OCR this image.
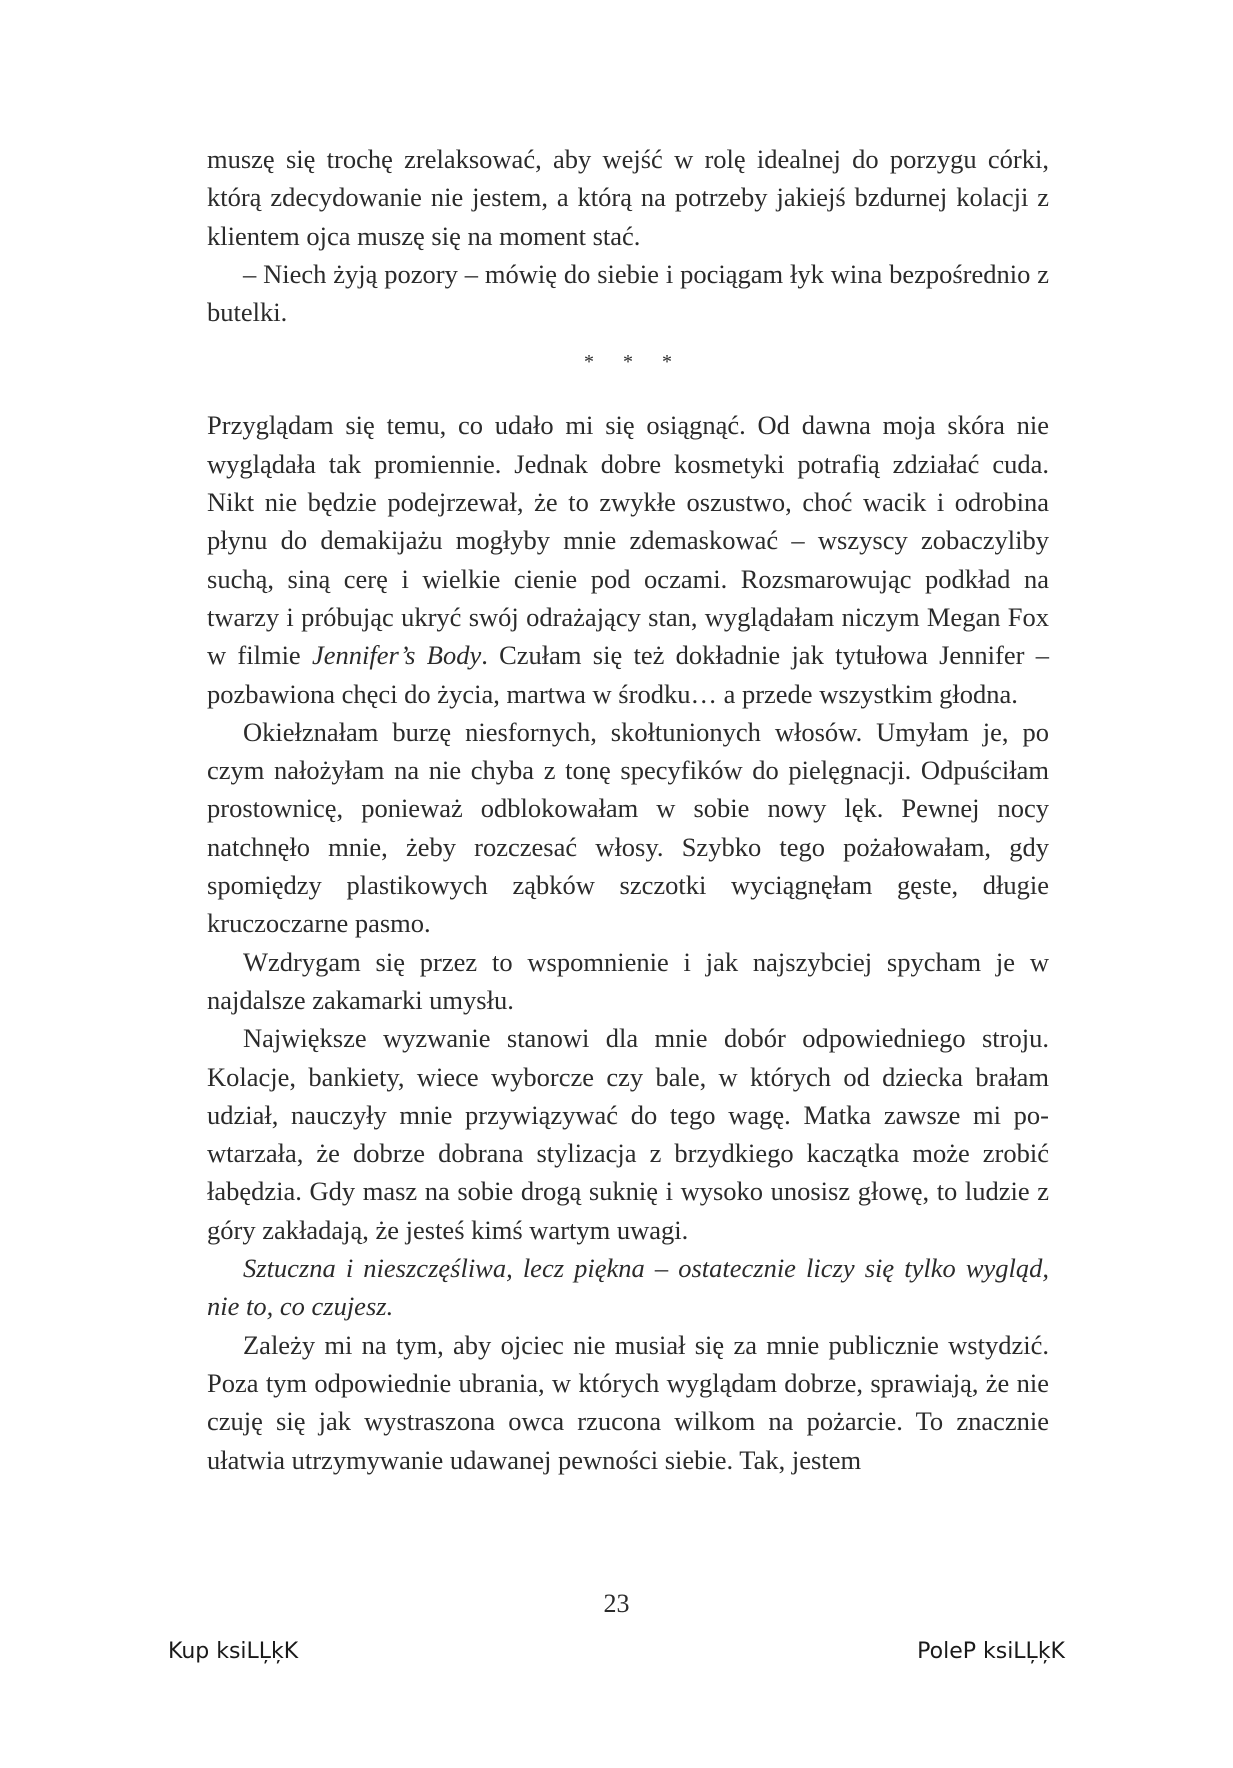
muszę się trochę zrelaksować, aby wejść w rolę idealnej do porzygu córki, którą zdecydowanie nie jestem, a którą na potrzeby jakiejś bzdurnej kolacji z klientem ojca muszę się na moment stać.

– Niech żyją pozory – mówię do siebie i pociągam łyk wina bezpośrednio z butelki.

* * *

Przyglądam się temu, co udało mi się osiągnąć. Od dawna moja skóra nie wyglądała tak promiennie. Jednak dobre kosmetyki potrafią zdziałać cuda. Nikt nie będzie podejrzewał, że to zwykłe oszustwo, choć wacik i odrobina płynu do demakijażu mogłyby mnie zdemaskować – wszyscy zobaczyliby suchą, siną cerę i wielkie cienie pod oczami. Rozsmarowując podkład na twarzy i próbując ukryć swój odrażający stan, wyglądałam niczym Megan Fox w filmie Jennifer’s Body. Czułam się też dokładnie jak tytułowa Jennifer – pozbawiona chęci do życia, martwa w środku… a przede wszystkim głodna.

Okiełznałam burzę niesfornych, skołtunionych włosów. Umyłam je, po czym nałożyłam na nie chyba z tonę specyfików do pielęgnacji. Odpuściłam prostownicę, ponieważ odblokowałam w sobie nowy lęk. Pewnej nocy natchnęło mnie, żeby rozczesać włosy. Szybko tego pożałowałam, gdy spomiędzy plastikowych ząbków szczotki wyciągnęłam gęste, długie kruczoczarne pasmo.

Wzdrygam się przez to wspomnienie i jak najszybciej spycham je w najdalsze zakamarki umysłu.

Największe wyzwanie stanowi dla mnie dobór odpowiedniego stroju. Kolacje, bankiety, wiece wyborcze czy bale, w których od dziecka brałam udział, nauczyły mnie przywiązywać do tego wagę. Matka zawsze mi powtarzała, że dobrze dobrana stylizacja z brzydkiego kaczątka może zrobić łabędzia. Gdy masz na sobie drogą suknię i wysoko unosisz głowę, to ludzie z góry zakładają, że jesteś kimś wartym uwagi.

Sztuczna i nieszczęśliwa, lecz piękna – ostatecznie liczy się tylko wygląd, nie to, co czujesz.

Zależy mi na tym, aby ojciec nie musiał się za mnie publicznie wstydzić. Poza tym odpowiednie ubrania, w których wyglądam dobrze, sprawiają, że nie czuję się jak wystraszona owca rzucona wilkom na pożarcie. To znacznie ułatwia utrzymywanie udawanej pewności siebie. Tak, jestem

23
Kup ksiLĻķK	PoleP ksiLĻķK
